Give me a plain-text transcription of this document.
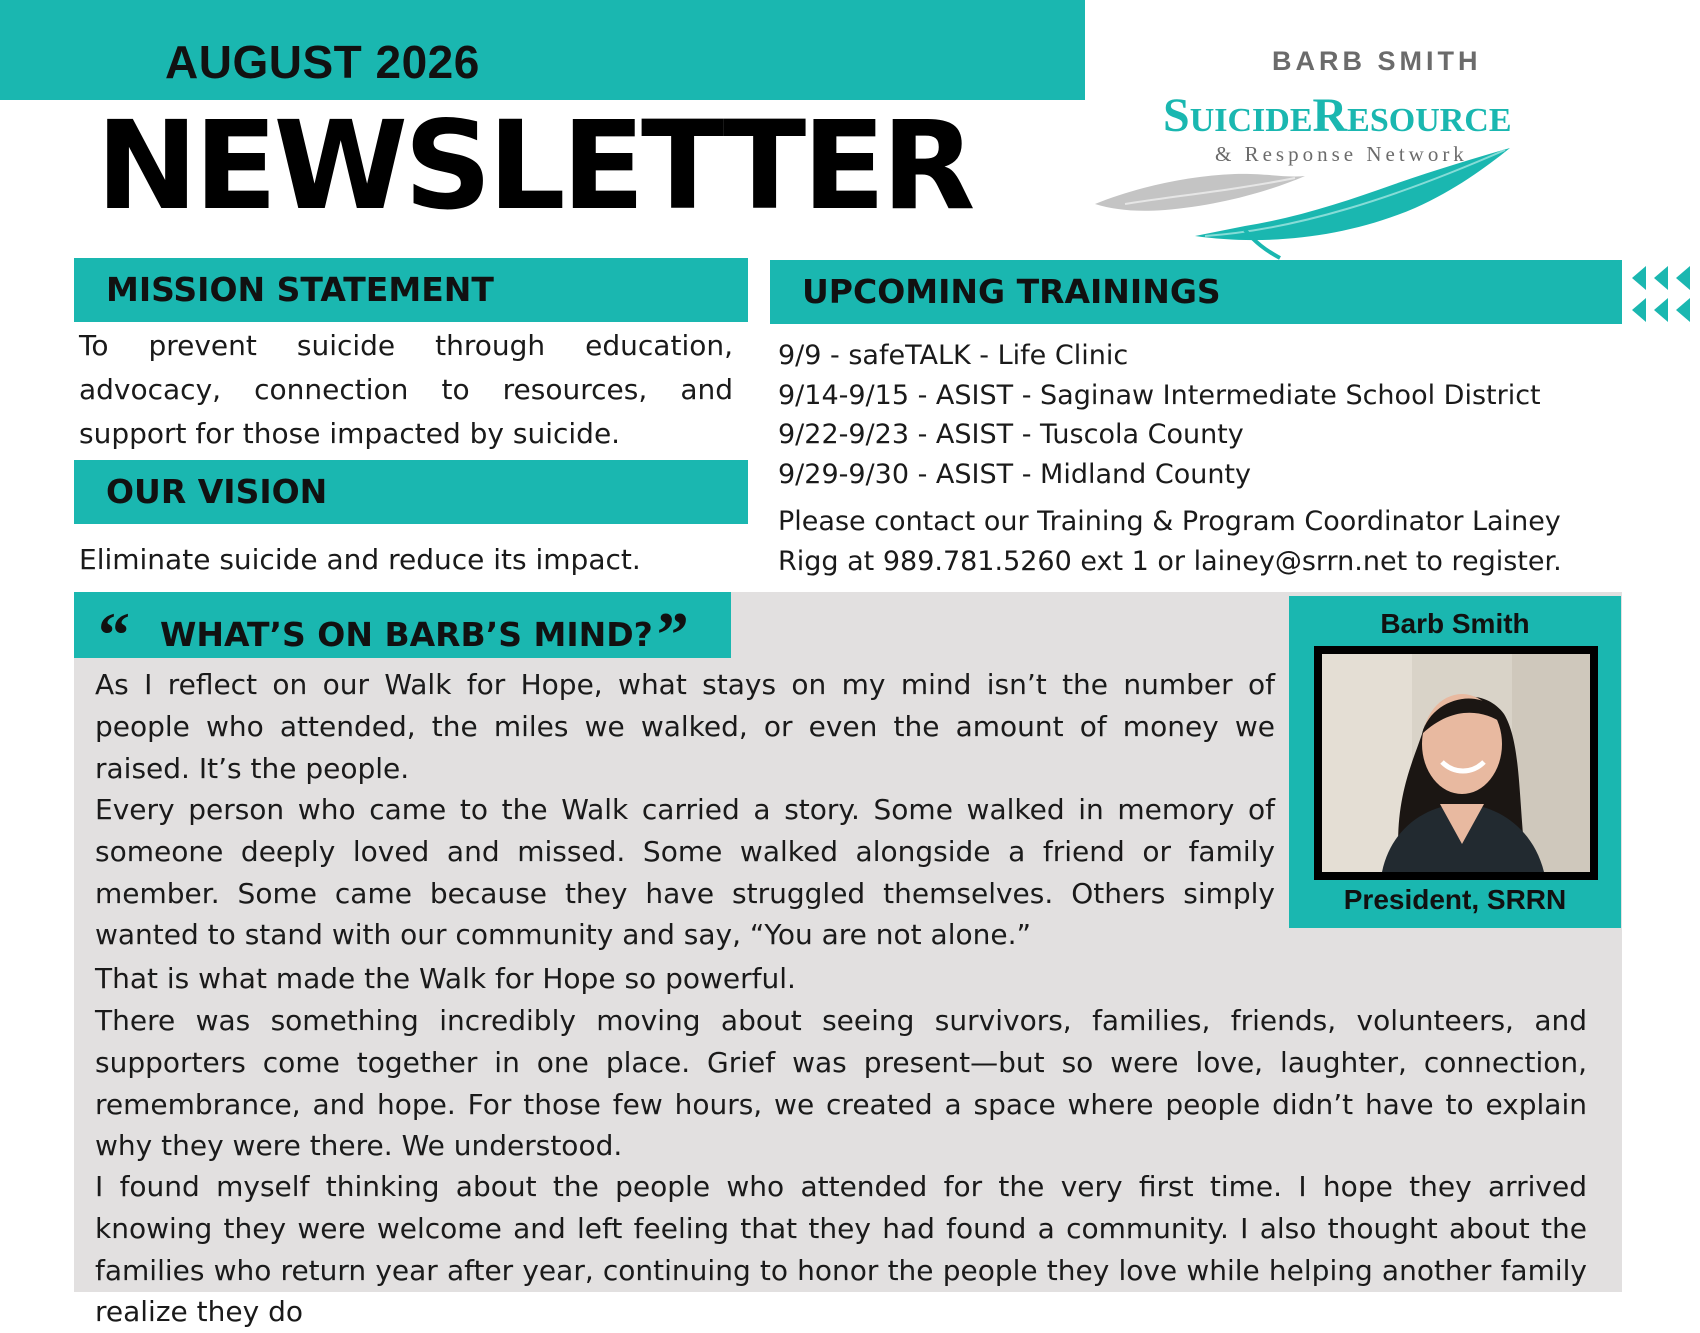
AUGUST 2026
NEWSLETTER

BARB SMITH

SuicideResource

& Response Network

MISSION STATEMENT

To prevent suicide through education, advocacy, connection to resources, and support for those impacted by suicide.

OUR VISION

Eliminate suicide and reduce its impact.

UPCOMING TRAININGS
9/9 - safeTALK - Life Clinic
9/14-9/15 - ASIST - Saginaw Intermediate School District
9/22-9/23 - ASIST - Tuscola County
9/29-9/30 - ASIST - Midland County

Please contact our Training & Program Coordinator Lainey Rigg at 989.781.5260 ext 1 or lainey@srrn.net to register.

“ WHAT’S ON BARB’S MIND?”	Barb Smith

President, SRRN

As I reflect on our Walk for Hope, what stays on my mind isn’t the number of people who attended, the miles we walked, or even the amount of money we raised. It’s the people.

Every person who came to the Walk carried a story. Some walked in memory of someone deeply loved and missed. Some walked alongside a friend or family member. Some came because they have struggled themselves. Others simply wanted to stand with our community and say, “You are not alone.”

That is what made the Walk for Hope so powerful.

There was something incredibly moving about seeing survivors, families, friends, volunteers, and supporters come together in one place. Grief was present—but so were love, laughter, connection, remembrance, and hope. For those few hours, we created a space where people didn’t have to explain why they were there. We understood.

I found myself thinking about the people who attended for the very first time. I hope they arrived knowing they were welcome and left feeling that they had found a community. I also thought about the families who return year after year, continuing to honor the people they love while helping another family realize they do
